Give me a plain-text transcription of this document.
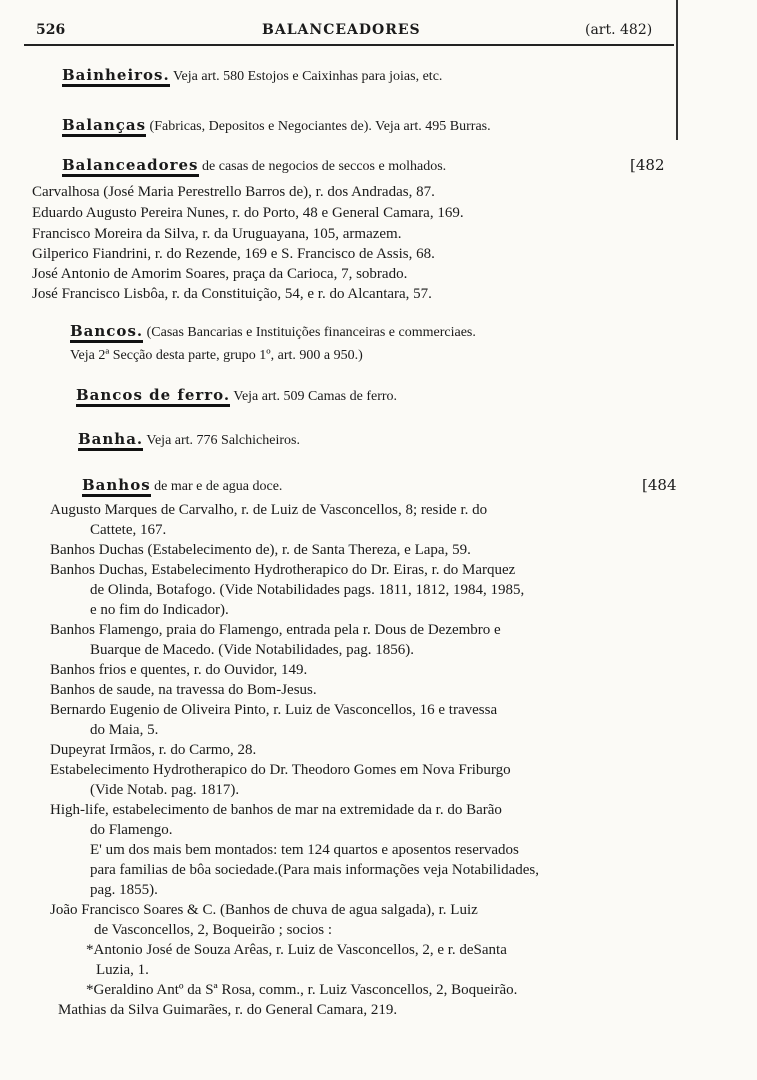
526	BALANCEADORES	(art. 482)
Bainheiros. Veja art. 580 Estojos e Caixinhas para joias, etc.
Balanças (Fabricas, Depositos e Negociantes de). Veja art. 495 Burras.
Balanceadores de casas de negocios de seccos e molhados.	[482
Carvalhosa (José Maria Perestrello Barros de), r. dos Andradas, 87.
Eduardo Augusto Pereira Nunes, r. do Porto, 48 e General Camara, 169.
Francisco Moreira da Silva, r. da Uruguayana, 105, armazem.
Gilperico Fiandrini, r. do Rezende, 169 e S. Francisco de Assis, 68.
José Antonio de Amorim Soares, praça da Carioca, 7, sobrado.
José Francisco Lisbôa, r. da Constituição, 54, e r. do Alcantara, 57.
Bancos. (Casas Bancarias e Instituições financeiras e commerciaes.
Veja 2ª Secção desta parte, grupo 1º, art. 900 a 950.)
Bancos de ferro. Veja art. 509 Camas de ferro.
Banha. Veja art. 776 Salchicheiros.
Banhos de mar e de agua doce.	[484
Augusto Marques de Carvalho, r. de Luiz de Vasconcellos, 8; reside r. do
Cattete, 167.
Banhos Duchas (Estabelecimento de), r. de Santa Thereza, e Lapa, 59.
Banhos Duchas, Estabelecimento Hydrotherapico do Dr. Eiras, r. do Marquez
de Olinda, Botafogo. (Vide Notabilidades pags. 1811, 1812, 1984, 1985,
e no fim do Indicador).
Banhos Flamengo, praia do Flamengo, entrada pela r. Dous de Dezembro e
Buarque de Macedo. (Vide Notabilidades, pag. 1856).
Banhos frios e quentes, r. do Ouvidor, 149.
Banhos de saude, na travessa do Bom-Jesus.
Bernardo Eugenio de Oliveira Pinto, r. Luiz de Vasconcellos, 16 e travessa
do Maia, 5.
Dupeyrat Irmãos, r. do Carmo, 28.
Estabelecimento Hydrotherapico do Dr. Theodoro Gomes em Nova Friburgo
(Vide Notab. pag. 1817).
High-life, estabelecimento de banhos de mar na extremidade da r. do Barão
do Flamengo.
E' um dos mais bem montados: tem 124 quartos e aposentos reservados
para familias de bôa sociedade.(Para mais informações veja Notabilidades,
pag. 1855).
João Francisco Soares & C. (Banhos de chuva de agua salgada), r. Luiz
de Vasconcellos, 2, Boqueirão ; socios :
*Antonio José de Souza Arêas, r. Luiz de Vasconcellos, 2, e r. deSanta
Luzia, 1.
*Geraldino Antº da Sª Rosa, comm., r. Luiz Vasconcellos, 2, Boqueirão.
Mathias da Silva Guimarães, r. do General Camara, 219.
